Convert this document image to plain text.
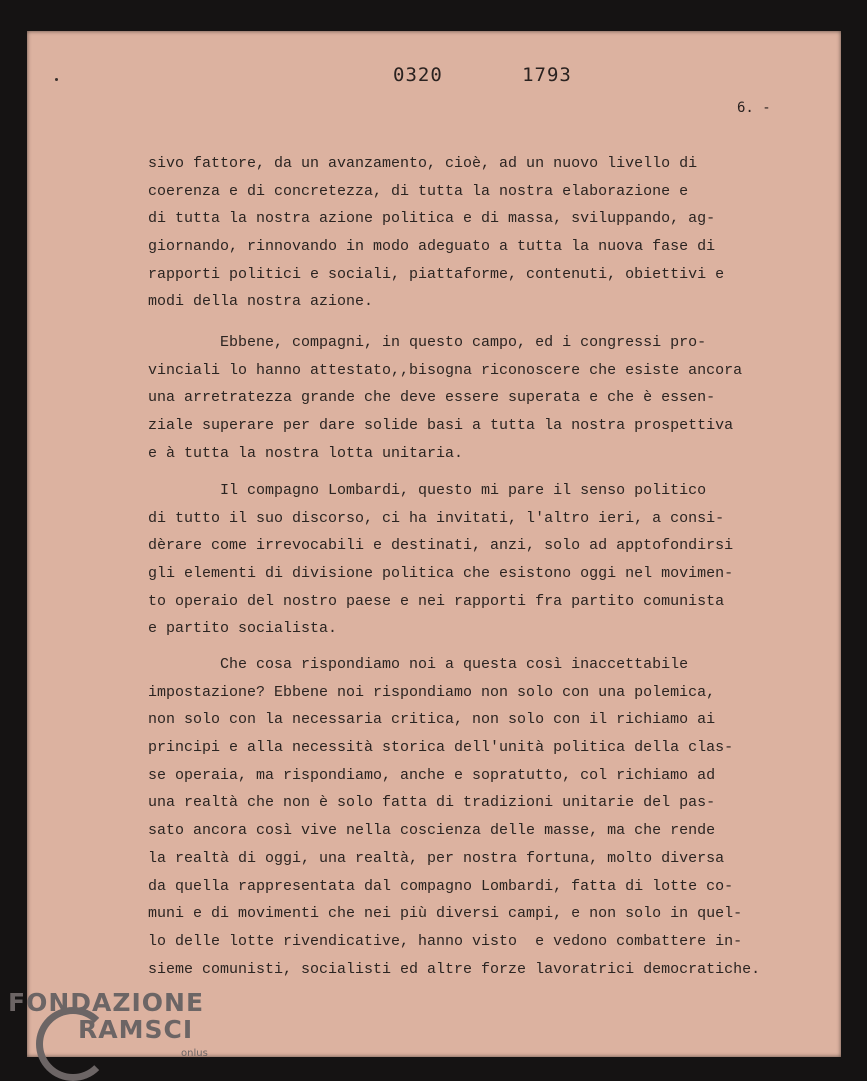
0320   1793
6. -
sivo fattore, da un avanzamento, cioè, ad un nuovo livello di
coerenza e di concretezza, di tutta la nostra elaborazione e
di tutta la nostra azione politica e di massa, sviluppando, ag-
giornando, rinnovando in modo adeguato a tutta la nuova fase di
rapporti politici e sociali, piattaforme, contenuti, obiettivi e
modi della nostra azione.
Ebbene, compagni, in questo campo, ed i congressi pro-
vinciali lo hanno attestato,,bisogna riconoscere che esiste ancora
una arretratezza grande che deve essere superata e che è essen-
ziale superare per dare solide basi a tutta la nostra prospettiva
e à tutta la nostra lotta unitaria.
Il compagno Lombardi, questo mi pare il senso politico
di tutto il suo discorso, ci ha invitati, l'altro ieri, a consi-
dèrare come irrevocabili e destinati, anzi, solo ad apptofondirsi
gli elementi di divisione politica che esistono oggi nel movimen-
to operaio del nostro paese e nei rapporti fra partito comunista
e partito socialista.
Che cosa rispondiamo noi a questa così inaccettabile
impostazione? Ebbene noi rispondiamo non solo con una polemica,
non solo con la necessaria critica, non solo con il richiamo ai
principi e alla necessità storica dell'unità politica della clas-
se operaia, ma rispondiamo, anche e sopratutto, col richiamo ad
una realtà che non è solo fatta di tradizioni unitarie del pas-
sato ancora così vive nella coscienza delle masse, ma che rende
la realtà di oggi, una realtà, per nostra fortuna, molto diversa
da quella rappresentata dal compagno Lombardi, fatta di lotte co-
muni e di movimenti che nei più diversi campi, e non solo in quel-
lo delle lotte rivendicative, hanno visto  e vedono combattere in-
sieme comunisti, socialisti ed altre forze lavoratrici democratiche.
FONDAZIONE
RAMSCI
onlus
